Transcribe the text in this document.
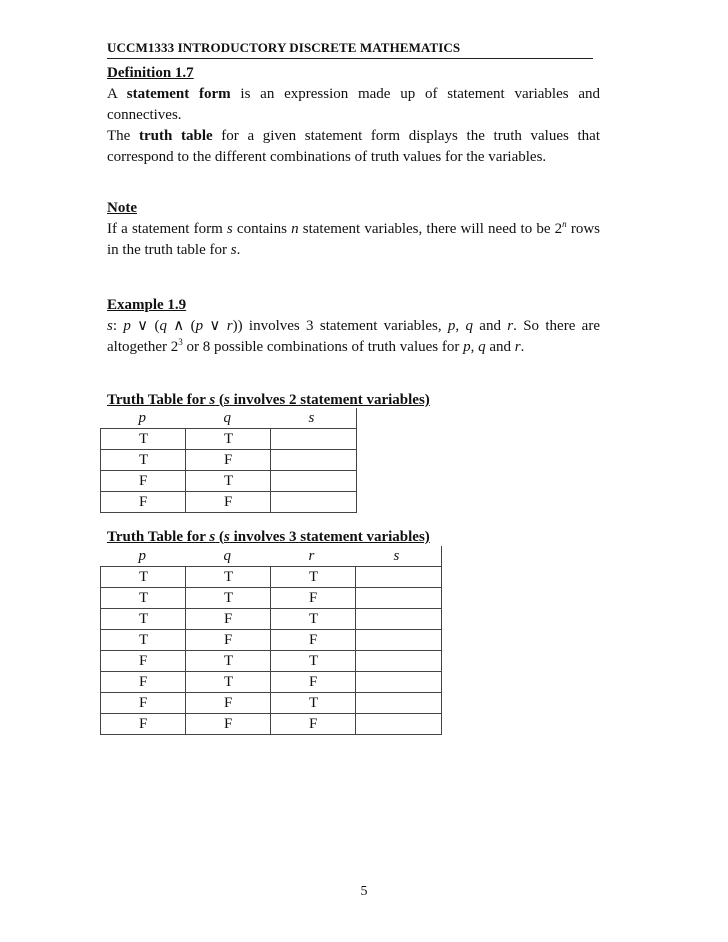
UCCM1333 INTRODUCTORY DISCRETE MATHEMATICS
Definition 1.7
A statement form is an expression made up of statement variables and connectives.
The truth table for a given statement form displays the truth values that correspond to the different combinations of truth values for the variables.
Note
If a statement form s contains n statement variables, there will need to be 2$^n$ rows in the truth table for s.
Example 1.9
s: p ∨ (q ∧ (p ∨ r)) involves 3 statement variables, p, q and r. So there are altogether $2^3$ or 8 possible combinations of truth values for p, q and r.
Truth Table for s (s involves 2 statement variables)
p	q	s
T	T	
T	F	
F	T	
F	F	
Truth Table for s (s involves 3 statement variables)
p	q	r	s
T	T	T	
T	T	F	
T	F	T	
T	F	F	
F	T	T	
F	T	F	
F	F	T	
F	F	F	
5
